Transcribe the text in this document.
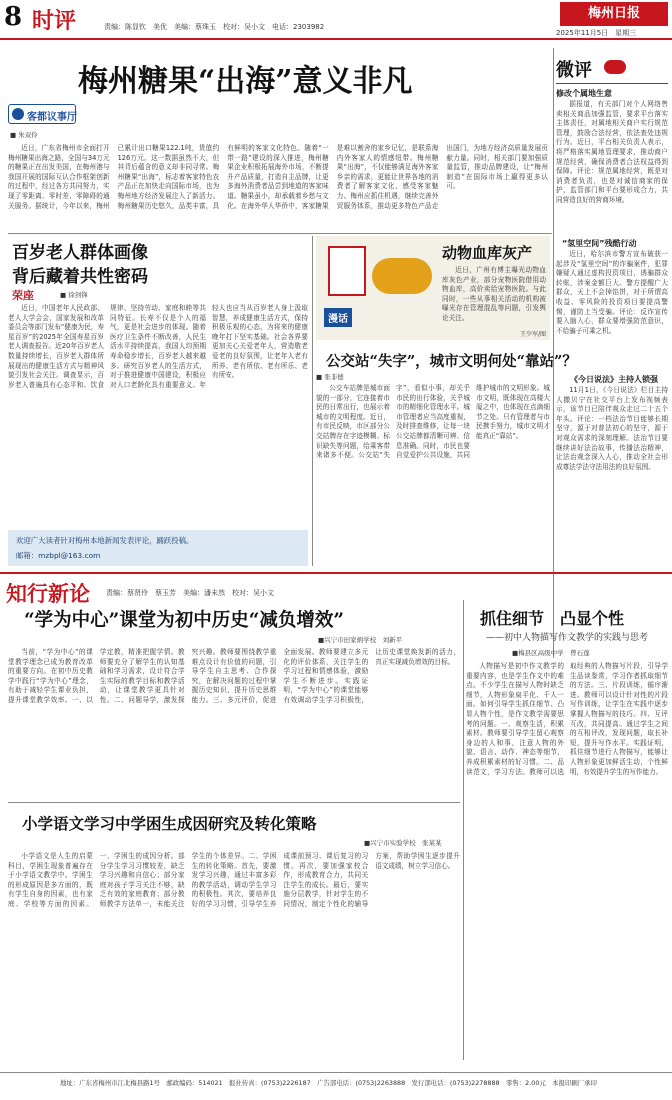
8 时评	责编：陈显钦　美优　美编：蔡珠玉　校对：吴小文　电话：2303982
梅州日报
2025年11月5日　星期三
梅州糖果“出海”意义非凡
客都议事厅
■ 朱双伶

近日，广东省梅州市全面打开梅州糖果出海之路，全国与34万元的糖果正在出发美国，在梅州港与我国开展的国际互认合作框架创新的过程中，经过各方共同努力，实现了零距离、零时差、零障碍的通关服务。据统计，今年以来，梅州已累计出口糖果122.1吨，货值约126万元。这一数据虽然不大，但其背后蕴含的意义却非同寻常。梅州糖果“出海”，标志着客家特色农产品正在加快走向国际市场，也为梅州地方经济发展注入了新活力。梅州糖果历史悠久，品类丰富，具有鲜明的客家文化特色。随着“一带一路”建设的深入推进，梅州糖果企业积极拓展海外市场，不断提升产品质量，打造自主品牌，让更多海外消费者品尝到地道的客家味道。糖果虽小，却承载着乡愁与文化。在海外华人华侨中，客家糖果是难以割舍的家乡记忆，是联系海内外客家人的情感纽带。梅州糖果“出海”，不仅能够满足海外客家乡亲的需求，更能让世界各地的消费者了解客家文化，感受客家魅力。梅州应抓住机遇，继续完善外贸服务体系，推动更多特色产品走出国门，为地方经济高质量发展贡献力量。同时，相关部门要加强质量监管，推动品牌建设，让“梅州制造”在国际市场上赢得更多认可。

微评
修改个属地生意

据报道，有关部门对个人网络售卖相关商品加强监管，要求平台落实主体责任，对属地相关商户实行规范管理，鼓励合法经营，依法查处违规行为。近日，平台相关负责人表示，将严格落实属地管理要求，推动商户规范经营，确保消费者合法权益得到保障。评论：规范属地经营，既是对消费者负责，也是对诚信商家的保护，监管部门和平台要形成合力，共同营造良好的营商环境。

“氢里空间”残酷行动

近日，哈尔滨市警方宣布破获一起涉及“氢里空间”的诈骗案件，犯罪嫌疑人通过虚构投资项目，诱骗群众转账，涉案金额巨大。警方提醒广大群众，天上不会掉馅饼，对于所谓高收益、零风险的投资项目要提高警惕，谨防上当受骗。评论：反诈宣传要入脑入心，群众要增强防范意识，不给骗子可乘之机。

《今日说法》主持人锁强

11月1日，《今日说法》栏目主持人撒贝宁在社交平台上发布视频表示，该节目已陪伴观众走过二十五个年头。评论：一档法治节目能够长期坚守，源于对普法初心的坚守，源于对观众需求的深刻理解。法治节目要继续讲好法治故事，传播法治精神，让法治观念深入人心，推动全社会形成尊法学法守法用法的良好氛围。

百岁老人群体画像
背后藏着共性密码
荣座	■ 徐剑锋

近日，中国老年人民政部、老人大学会会，国家发展和改革委员会等部门发布“健康为民，寿星百岁”的2025年全国寿星百岁老人调查报告。近20年百岁老人数量持续增长，百岁老人群体所展现出的健康生活方式与精神风貌引发社会关注。调查显示，百岁老人普遍具有心态平和、饮食规律、坚持劳动、家庭和睦等共同特征。长寿不仅是个人的福气，更是社会进步的体现。随着医疗卫生条件不断改善，人民生活水平持续提高，我国人均预期寿命稳步增长，百岁老人越来越多。研究百岁老人的生活方式，对于推进健康中国建设，积极应对人口老龄化具有重要意义。年轻人也应当从百岁老人身上汲取智慧，养成健康生活方式，保持积极乐观的心态，为将来的健康晚年打下坚实基础。社会各界要更加关心关爱老年人，营造敬老爱老的良好氛围，让老年人老有所养、老有所依、老有所乐、老有所安。

欢迎广大读者针对梅州本地新闻发表评论，踊跃投稿。
邮箱：mzbpl@163.com
动物血库灰产
漫话

近日，广州有博主曝光动物血库灰色产业，部分宠物医院借用动物血库，高价卖给宠物医院。与此同时，一些从事相关活动的机构被曝光存在管理混乱等问题，引发舆论关注。

王少军/图
公交站“失字”，城市文明何处“靠站”？
■ 张非德

公交车站牌是城市面貌的一部分，它连接着市民的日常出行，也展示着城市的文明程度。近日，有市民反映，市区部分公交站牌存在字迹模糊、标识缺失等问题，给乘客带来诸多不便。公交站“失字”，看似小事，却关乎市民的出行体验，关乎城市的精细化管理水平。城市管理者应当高度重视，及时排查维修，让每一块公交站牌都清晰可辨、信息准确。同时，市民也要自觉爱护公共设施，共同维护城市的文明形象。城市文明，既体现在高楼大厦之中，也体现在点滴细节之处。只有管理者与市民携手努力，城市文明才能真正“靠站”。

知行新论 责编：蔡贤伶　蔡玉芳　美编：潘未然　校对：吴小文
“学为中心”课堂为初中历史“减负增效”
■兴宁市田家炳学校　刘新平

当前，“学为中心”的课堂教学理念已成为教育改革的重要方向。在初中历史教学中践行“学为中心”理念，有助于减轻学生课业负担，提升课堂教学效率。一、以学定教，精准把握学情。教师要充分了解学生的认知基础和学习需求，设计符合学生实际的教学目标和教学活动，让课堂教学更具针对性。二、问题导学，激发探究兴趣。教师要围绕教学重难点设计有价值的问题，引导学生自主思考、合作探究，在解决问题的过程中掌握历史知识，提升历史思维能力。三、多元评价，促进全面发展。教师要建立多元化的评价体系，关注学生的学习过程和情感体验，激励学生不断进步。实践证明，“学为中心”的课堂能够有效调动学生学习积极性，让历史课堂焕发新的活力，真正实现减负增效的目标。

抓住细节　凸显个性
——初中人物描写作文教学的实践与思考
■梅县区高级中学　曾石莲

人物描写是初中作文教学的重要内容，也是学生作文中的难点。不少学生在描写人物时缺乏细节，人物形象扁平化、千人一面。如何引导学生抓住细节、凸显人物个性，是作文教学需要思考的问题。一、观察生活，积累素材。教师要引导学生留心观察身边的人和事，注意人物的外貌、语言、动作、神态等细节，养成积累素材的好习惯。二、品读范文，学习方法。教师可以选取经典的人物描写片段，引导学生品读鉴赏，学习作者抓取细节的方法。三、片段训练，循序渐进。教师可以设计针对性的片段写作训练，让学生在实践中逐步掌握人物描写的技巧。四、互评互改，共同提高。通过学生之间的互相评改，发现问题，取长补短，提升写作水平。实践证明，抓住细节进行人物描写，能够让人物形象更加鲜活生动，个性鲜明，有效提升学生的写作能力。

小学语文学习中学困生成因研究及转化策略
■兴宁市实验学校　张某某

小学语文是人生的启蒙科目，学困生现象普遍存在于小学语文教学中。学困生的形成原因是多方面的，既有学生自身的因素，也有家庭、学校等方面的因素。一、学困生的成因分析。部分学生学习习惯较差，缺乏学习兴趣和自信心；部分家庭对孩子学习关注不够，缺乏有效的家庭教育；部分教师教学方法单一，未能关注学生的个体差异。二、学困生的转化策略。首先，要激发学习兴趣，通过丰富多彩的教学活动，调动学生学习的积极性。其次，要培养良好的学习习惯，引导学生养成课前预习、课后复习的习惯。再次，要加强家校合作，形成教育合力，共同关注学生的成长。最后，要实施分层教学，针对学生的不同情况，制定个性化的辅导方案，帮助学困生逐步提升语文成绩，树立学习信心。

地址：广东省梅州市江北梅县路1号　邮政编码：514021　报社传真：(0753)2226187　广告部电话：(0753)2263888　发行部电话：(0753)2278888　零售：2.00元　本报印刷厂承印
